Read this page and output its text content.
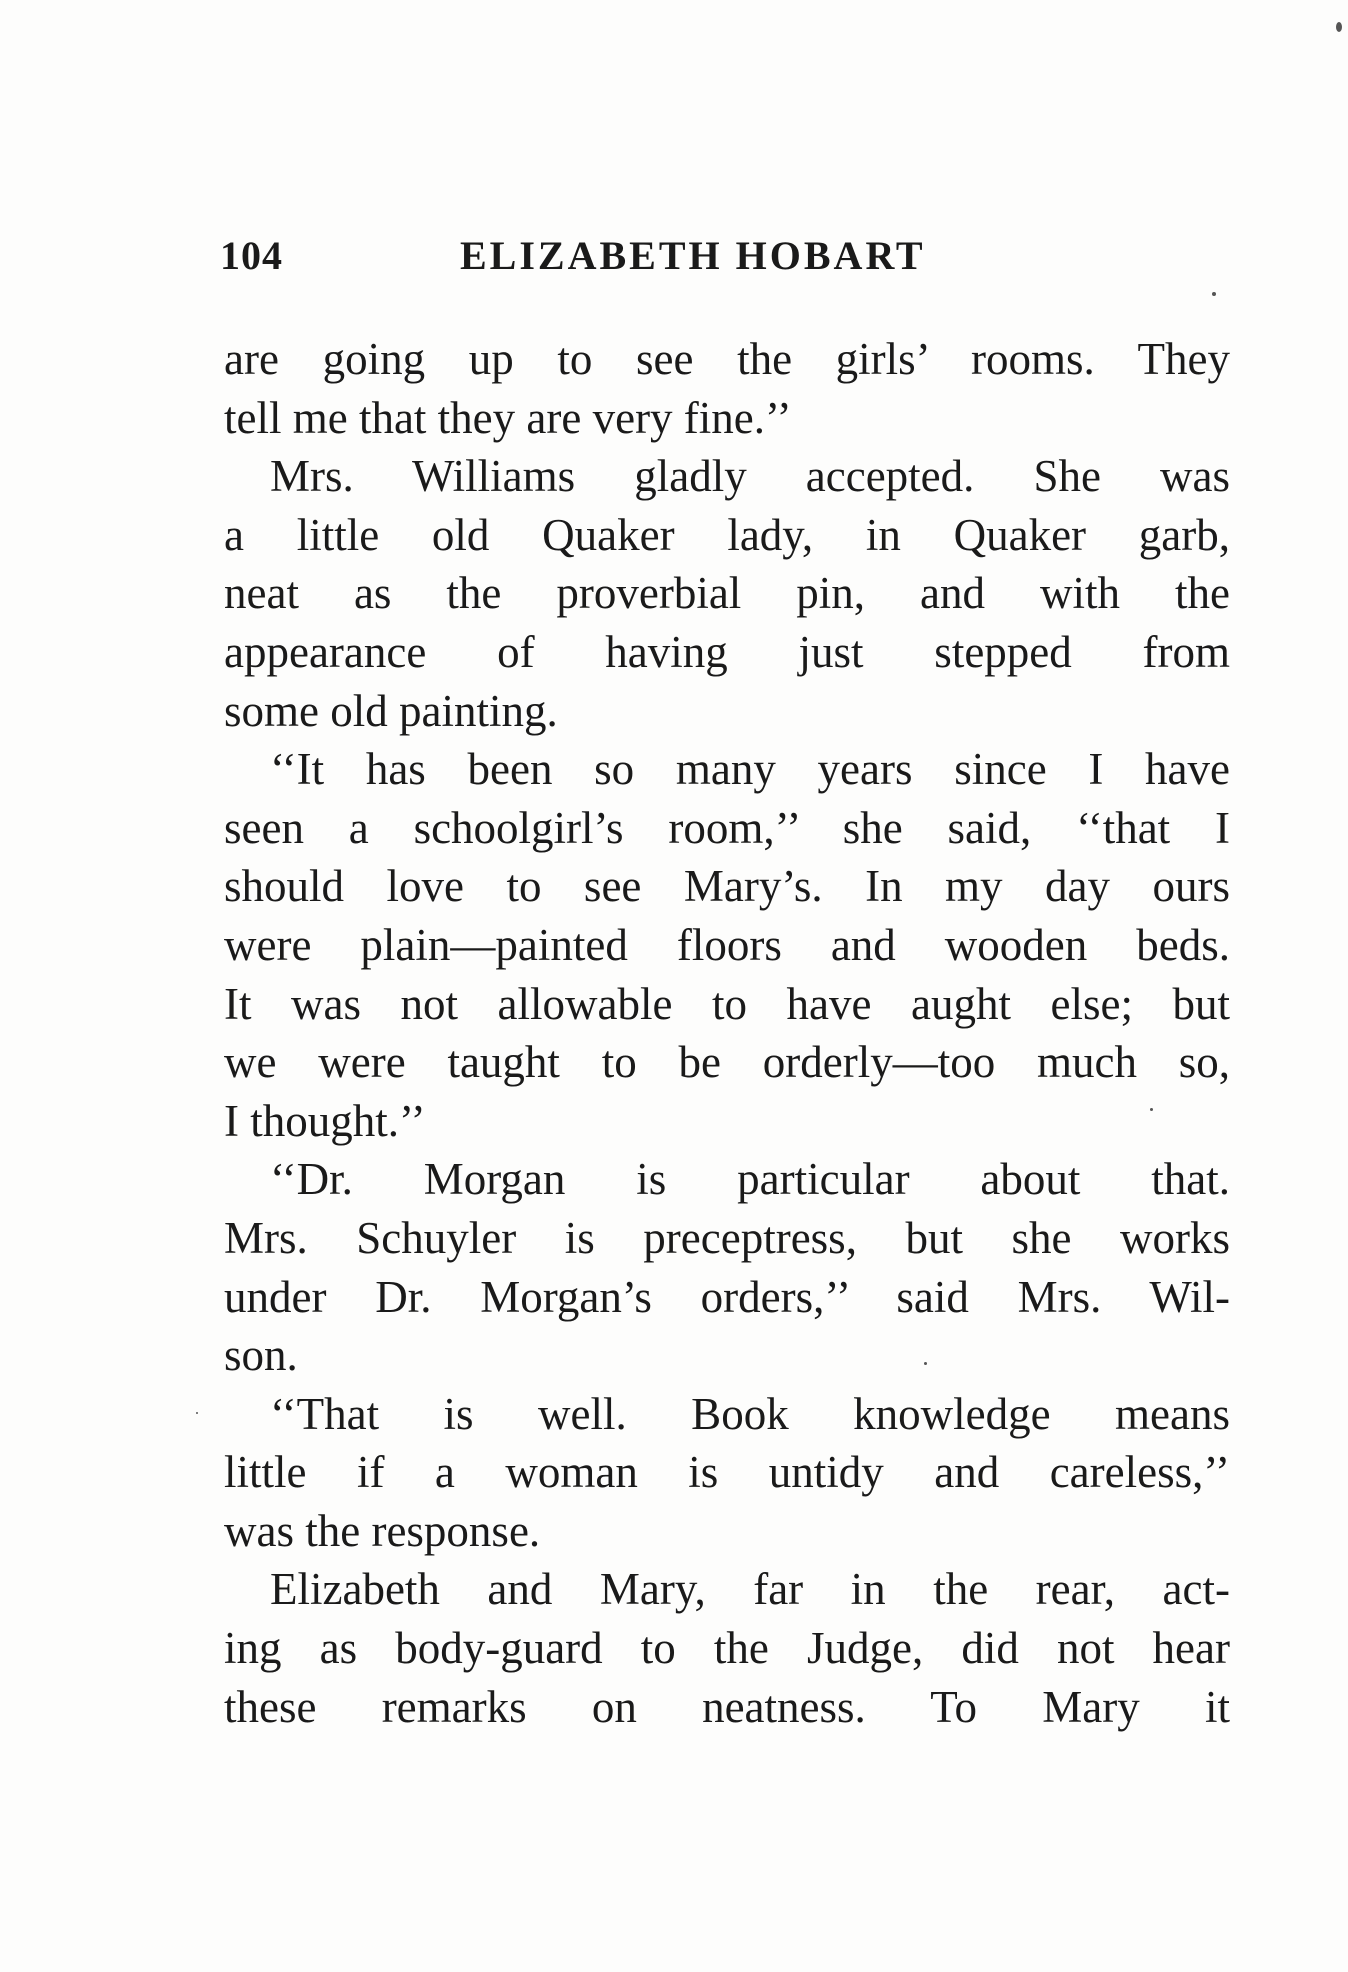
104	ELIZABETH HOBART
are going up to see the girls’ rooms. They
tell me that they are very fine.’’
Mrs. Williams gladly accepted. She was
a little old Quaker lady, in Quaker garb,
neat as the proverbial pin, and with the
appearance of having just stepped from
some old painting.
‘‘It has been so many years since I have
seen a schoolgirl’s room,’’ she said, ‘‘that I
should love to see Mary’s. In my day ours
were plain—painted floors and wooden beds.
It was not allowable to have aught else; but
we were taught to be orderly—too much so,
I thought.’’
‘‘Dr. Morgan is particular about that.
Mrs. Schuyler is preceptress, but she works
under Dr. Morgan’s orders,’’ said Mrs. Wil-
son.
‘‘That is well. Book knowledge means
little if a woman is untidy and careless,’’
was the response.
Elizabeth and Mary, far in the rear, act-
ing as body-guard to the Judge, did not hear
these remarks on neatness. To Mary it
